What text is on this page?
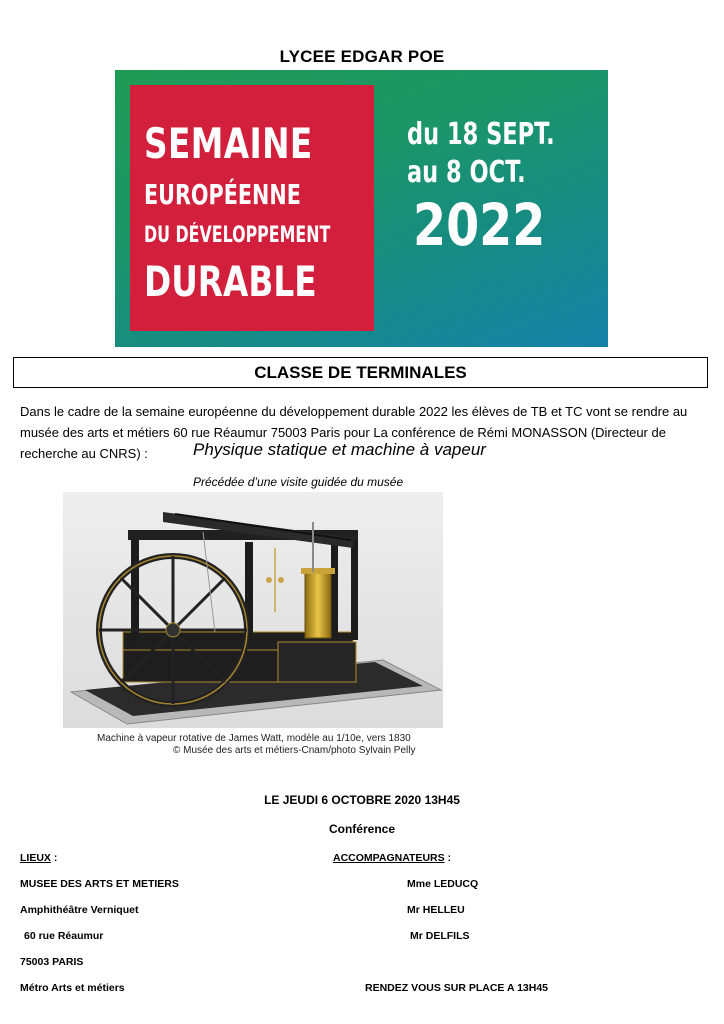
LYCEE EDGAR POE
SEMAINE
EUROPÉENNE
DU DÉVELOPPEMENT
DURABLE
du 18 SEPT.
au 8 OCT.
2022
CLASSE DE TERMINALES
Dans le cadre de la semaine européenne du développement durable 2022 les élèves de TB et TC vont se rendre au musée des arts et métiers 60 rue Réaumur 75003 Paris pour La conférence de Rémi MONASSON (Directeur de recherche au CNRS) :	Physique statique et machine à vapeur
Précédée d’une visite guidée du musée
Machine à vapeur rotative de James Watt, modèle au 1/10e, vers 1830
© Musée des arts et métiers-Cnam/photo Sylvain Pelly
LE JEUDI 6 OCTOBRE 2020 13H45
Conférence
LIEUX :	ACCOMPAGNATEURS :
MUSEE DES ARTS ET METIERS
Amphithéâtre Verniquet
60 rue Réaumur
75003 PARIS
Métro Arts et métiers
Mme LEDUCQ
Mr HELLEU
Mr DELFILS
RENDEZ VOUS SUR PLACE A 13H45
